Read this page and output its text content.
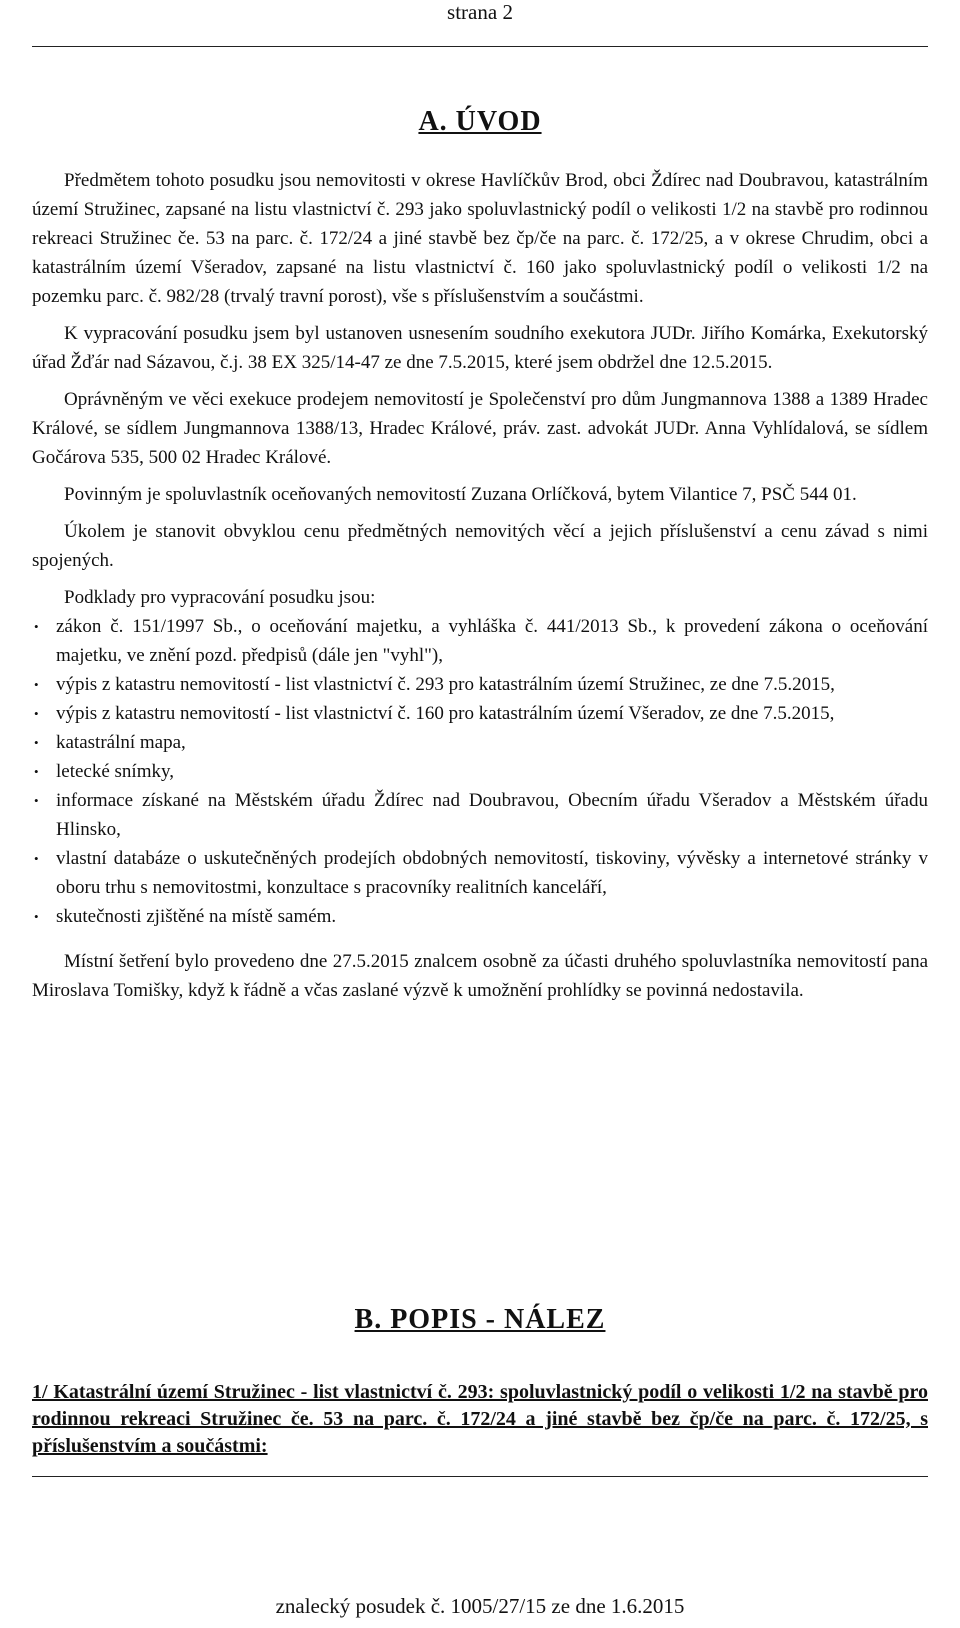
strana 2
A. ÚVOD

Předmětem tohoto posudku jsou nemovitosti v okrese Havlíčkův Brod, obci Ždírec nad Doubravou, katastrálním území Stružinec, zapsané na listu vlastnictví č. 293 jako spoluvlastnický podíl o velikosti 1/2 na stavbě pro rodinnou rekreaci Stružinec če. 53 na parc. č. 172/24 a jiné stavbě bez čp/če na parc. č. 172/25, a v okrese Chrudim, obci a katastrálním území Všeradov, zapsané na listu vlastnictví č. 160 jako spoluvlastnický podíl o velikosti 1/2 na pozemku parc. č. 982/28 (trvalý travní porost), vše s příslušenstvím a součástmi.

K vypracování posudku jsem byl ustanoven usnesením soudního exekutora JUDr. Jiřího Komárka, Exekutorský úřad Žďár nad Sázavou, č.j. 38 EX 325/14-47 ze dne 7.5.2015, které jsem obdržel dne 12.5.2015.

Oprávněným ve věci exekuce prodejem nemovitostí je Společenství pro dům Jungmannova 1388 a 1389 Hradec Králové, se sídlem Jungmannova 1388/13, Hradec Králové, práv. zast. advokát JUDr. Anna Vyhlídalová, se sídlem Gočárova 535, 500 02 Hradec Králové.

Povinným je spoluvlastník oceňovaných nemovitostí Zuzana Orlíčková, bytem Vilantice 7, PSČ 544 01.

Úkolem je stanovit obvyklou cenu předmětných nemovitých věcí a jejich příslušenství a cenu závad s nimi spojených.

Podklady pro vypracování posudku jsou:

• zákon č. 151/1997 Sb., o oceňování majetku, a vyhláška č. 441/2013 Sb., k provedení zákona o oceňování majetku, ve znění pozd. předpisů (dále jen "vyhl"),
• výpis z katastru nemovitostí - list vlastnictví č. 293 pro katastrálním území Stružinec, ze dne 7.5.2015,
• výpis z katastru nemovitostí - list vlastnictví č. 160 pro katastrálním území Všeradov, ze dne 7.5.2015,
• katastrální mapa,
• letecké snímky,
• informace získané na Městském úřadu Ždírec nad Doubravou, Obecním úřadu Všeradov a Městském úřadu Hlinsko,
• vlastní databáze o uskutečněných prodejích obdobných nemovitostí, tiskoviny, vývěsky a internetové stránky v oboru trhu s nemovitostmi, konzultace s pracovníky realitních kanceláří,
• skutečnosti zjištěné na místě samém.

Místní šetření bylo provedeno dne 27.5.2015 znalcem osobně za účasti druhého spoluvlastníka nemovitostí pana Miroslava Tomišky, když k řádně a včas zaslané výzvě k umožnění prohlídky se povinná nedostavila.

B. POPIS - NÁLEZ
1/ Katastrální území Stružinec - list vlastnictví č. 293: spoluvlastnický podíl o velikosti 1/2 na stavbě pro rodinnou rekreaci Stružinec če. 53 na parc. č. 172/24 a jiné stavbě bez čp/če na parc. č. 172/25, s příslušenstvím a součástmi:
znalecký posudek č. 1005/27/15 ze dne 1.6.2015
